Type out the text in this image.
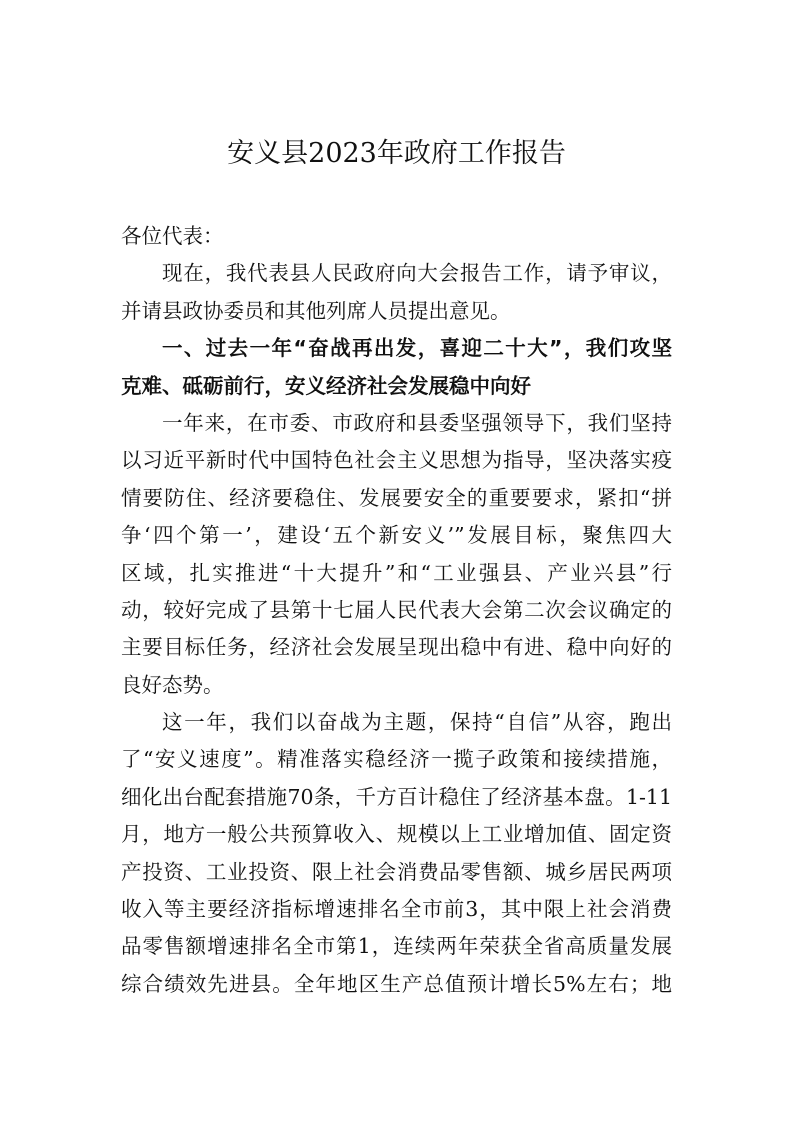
安义县2023年政府工作报告
各位代表：
现在，我代表县人民政府向大会报告工作，请予审议，
并请县政协委员和其他列席人员提出意见。
一、过去一年“奋战再出发，喜迎二十大”，我们攻坚
克难、砥砺前行，安义经济社会发展稳中向好
一年来，在市委、市政府和县委坚强领导下，我们坚持
以习近平新时代中国特色社会主义思想为指导，坚决落实疫
情要防住、经济要稳住、发展要安全的重要要求，紧扣“拼
争‘四个第一’，建设‘五个新安义’”发展目标，聚焦四大
区域，扎实推进“十大提升”和“工业强县、产业兴县”行
动，较好完成了县第十七届人民代表大会第二次会议确定的
主要目标任务，经济社会发展呈现出稳中有进、稳中向好的
良好态势。
这一年，我们以奋战为主题，保持“自信”从容，跑出
了“安义速度”。精准落实稳经济一揽子政策和接续措施，
细化出台配套措施70条，千方百计稳住了经济基本盘。1-11
月，地方一般公共预算收入、规模以上工业增加值、固定资
产投资、工业投资、限上社会消费品零售额、城乡居民两项
收入等主要经济指标增速排名全市前3，其中限上社会消费
品零售额增速排名全市第1，连续两年荣获全省高质量发展
综合绩效先进县。全年地区生产总值预计增长5%左右；地
